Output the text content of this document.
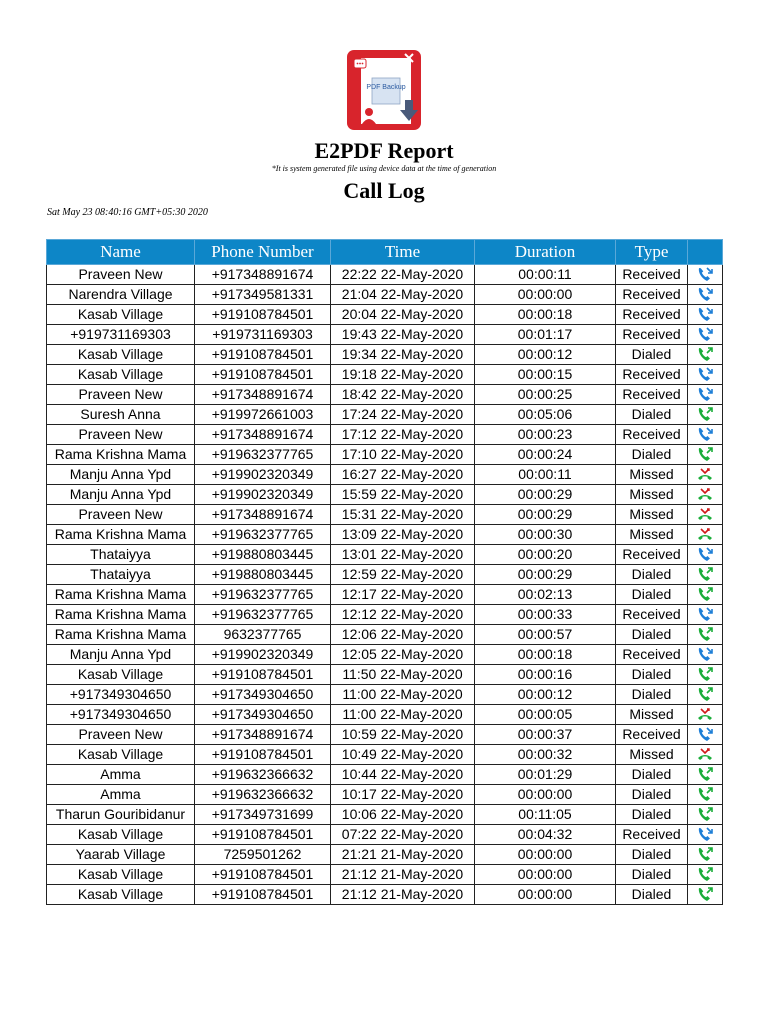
PDF Backup
E2PDF Report
*It is system generated file using device data at the time of generation
Call Log
Sat May 23 08:40:16 GMT+05:30 2020
Name	Phone Number	Time	Duration	Type	
Praveen New	+917348891674	22:22 22-May-2020	00:00:11	Received	

Narendra Village	+917349581331	21:04 22-May-2020	00:00:00	Received	

Kasab Village	+919108784501	20:04 22-May-2020	00:00:18	Received	

+919731169303	+919731169303	19:43 22-May-2020	00:01:17	Received	

Kasab Village	+919108784501	19:34 22-May-2020	00:00:12	Dialed	

Kasab Village	+919108784501	19:18 22-May-2020	00:00:15	Received	

Praveen New	+917348891674	18:42 22-May-2020	00:00:25	Received	

Suresh Anna	+919972661003	17:24 22-May-2020	00:05:06	Dialed	

Praveen New	+917348891674	17:12 22-May-2020	00:00:23	Received	

Rama Krishna Mama	+919632377765	17:10 22-May-2020	00:00:24	Dialed	

Manju Anna Ypd	+919902320349	16:27 22-May-2020	00:00:11	Missed	

Manju Anna Ypd	+919902320349	15:59 22-May-2020	00:00:29	Missed	

Praveen New	+917348891674	15:31 22-May-2020	00:00:29	Missed	

Rama Krishna Mama	+919632377765	13:09 22-May-2020	00:00:30	Missed	

Thataiyya	+919880803445	13:01 22-May-2020	00:00:20	Received	

Thataiyya	+919880803445	12:59 22-May-2020	00:00:29	Dialed	

Rama Krishna Mama	+919632377765	12:17 22-May-2020	00:02:13	Dialed	

Rama Krishna Mama	+919632377765	12:12 22-May-2020	00:00:33	Received	

Rama Krishna Mama	9632377765	12:06 22-May-2020	00:00:57	Dialed	

Manju Anna Ypd	+919902320349	12:05 22-May-2020	00:00:18	Received	

Kasab Village	+919108784501	11:50 22-May-2020	00:00:16	Dialed	

+917349304650	+917349304650	11:00 22-May-2020	00:00:12	Dialed	

+917349304650	+917349304650	11:00 22-May-2020	00:00:05	Missed	

Praveen New	+917348891674	10:59 22-May-2020	00:00:37	Received	

Kasab Village	+919108784501	10:49 22-May-2020	00:00:32	Missed	

Amma	+919632366632	10:44 22-May-2020	00:01:29	Dialed	

Amma	+919632366632	10:17 22-May-2020	00:00:00	Dialed	

Tharun Gouribidanur	+917349731699	10:06 22-May-2020	00:11:05	Dialed	

Kasab Village	+919108784501	07:22 22-May-2020	00:04:32	Received	

Yaarab Village	7259501262	21:21 21-May-2020	00:00:00	Dialed	

Kasab Village	+919108784501	21:12 21-May-2020	00:00:00	Dialed	

Kasab Village	+919108784501	21:12 21-May-2020	00:00:00	Dialed	
